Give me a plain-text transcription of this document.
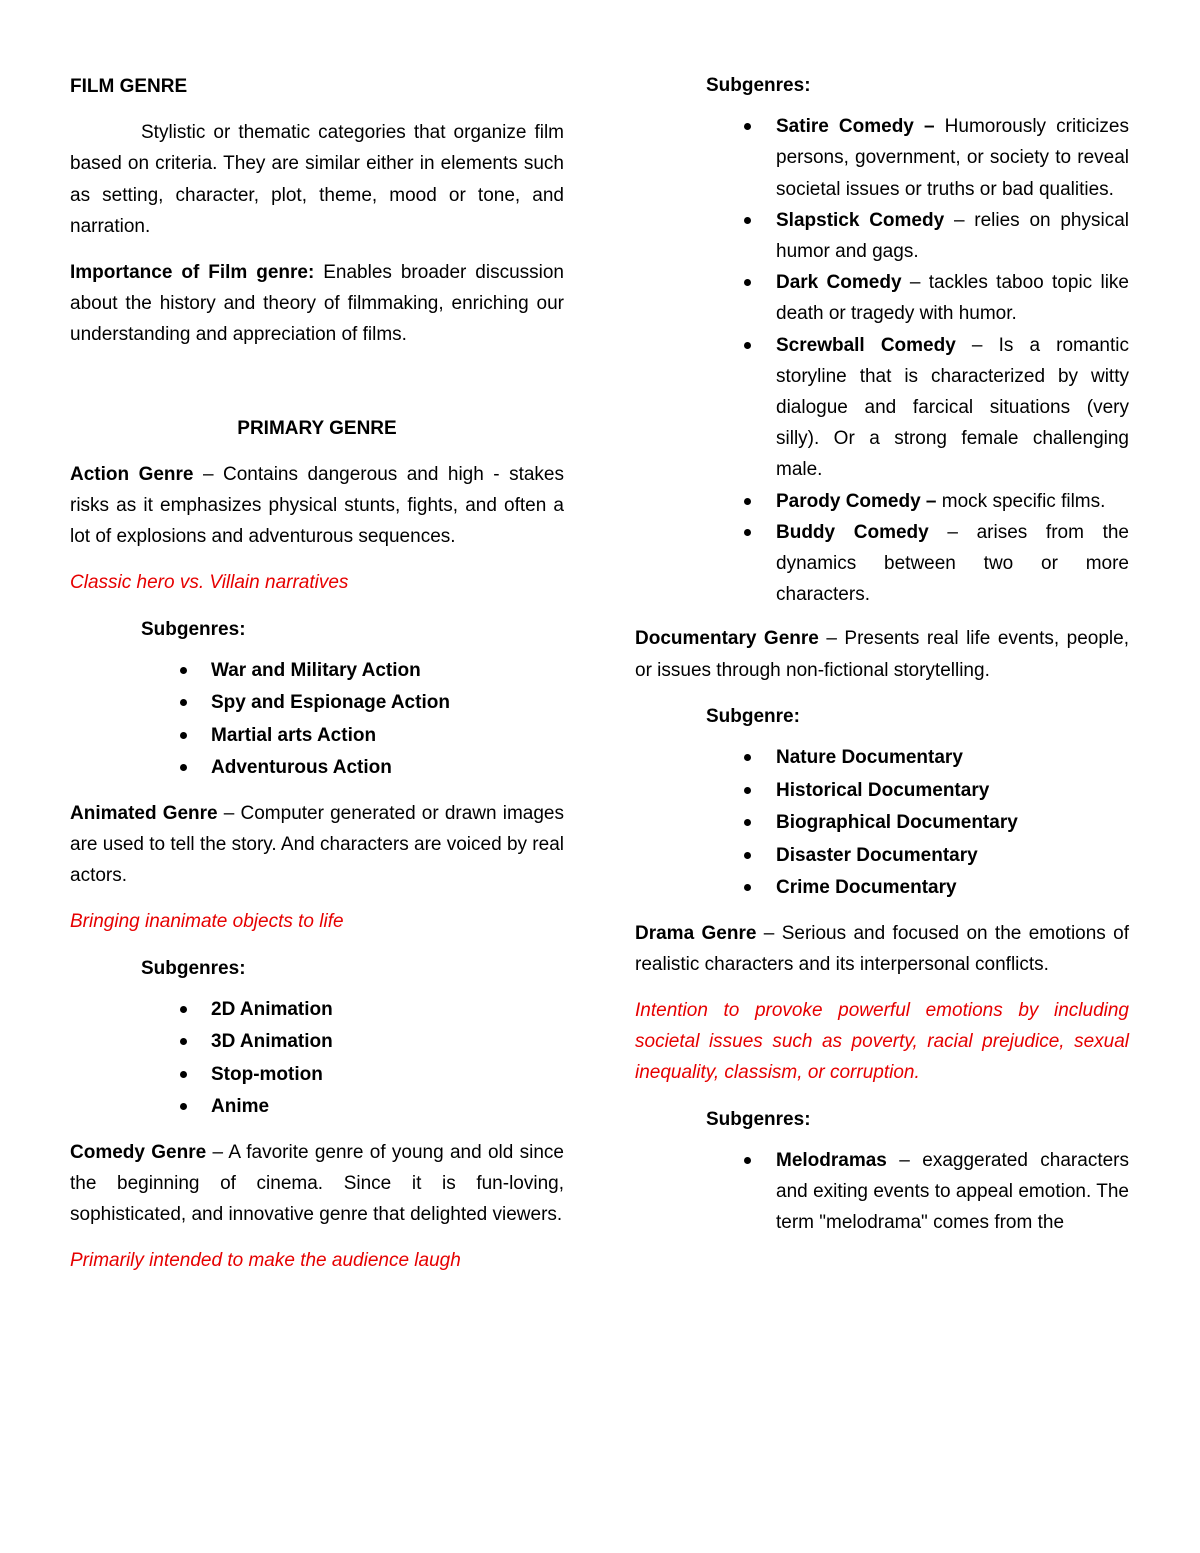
FILM GENRE

Stylistic or thematic categories that organize film based on criteria. They are similar either in elements such as setting, character, plot, theme, mood or tone, and narration.

Importance of Film genre: Enables broader discussion about the history and theory of filmmaking, enriching our understanding and appreciation of films.

PRIMARY GENRE

Action Genre – Contains dangerous and high - stakes risks as it emphasizes physical stunts, fights, and often a lot of explosions and adventurous sequences.

Classic hero vs. Villain narratives

Subgenres:

War and Military Action
Spy and Espionage Action
Martial arts Action
Adventurous Action

Animated Genre – Computer generated or drawn images are used to tell the story. And characters are voiced by real actors.

Bringing inanimate objects to life

Subgenres:

2D Animation
3D Animation
Stop-motion
Anime

Comedy Genre – A favorite genre of young and old since the beginning of cinema. Since it is fun-loving, sophisticated, and innovative genre that delighted viewers.

Primarily intended to make the audience laugh

Subgenres:

Satire Comedy – Humorously criticizes persons, government, or society to reveal societal issues or truths or bad qualities.
Slapstick Comedy – relies on physical humor and gags.
Dark Comedy – tackles taboo topic like death or tragedy with humor.
Screwball Comedy – Is a romantic storyline that is characterized by witty dialogue and farcical situations (very silly). Or a strong female challenging male.
Parody Comedy – mock specific films.
Buddy Comedy – arises from the dynamics between two or more characters.

Documentary Genre – Presents real life events, people, or issues through non-fictional storytelling.

Subgenre:

Nature Documentary
Historical Documentary
Biographical Documentary
Disaster Documentary
Crime Documentary

Drama Genre – Serious and focused on the emotions of realistic characters and its interpersonal conflicts.

Intention to provoke powerful emotions by including societal issues such as poverty, racial prejudice, sexual inequality, classism, or corruption.

Subgenres:

Melodramas – exaggerated characters and exiting events to appeal emotion. The term "melodrama" comes from the
